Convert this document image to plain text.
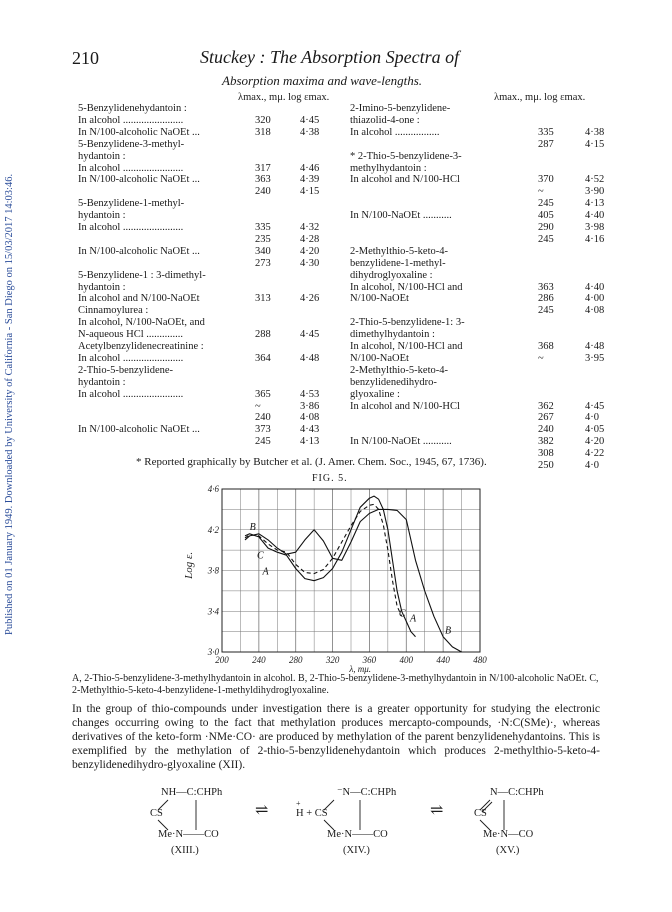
Published on 01 January 1949. Downloaded by University of California - San Diego on 15/03/2017 14:03:46.
210	Stuckey : The Absorption Spectra of
Absorption maxima and wave-lengths.
λmax., mμ. log εmax.	λmax., mμ. log εmax.
5-Benzylidenehydantoin :
In alcohol .......................	320	4·45
In N/100-alcoholic NaOEt ...	318	4·38
5-Benzylidene-3-methyl-
hydantoin :
In alcohol .......................	317	4·46
In N/100-alcoholic NaOEt ...	363	4·39
240	4·15
5-Benzylidene-1-methyl-
hydantoin :
In alcohol .......................	335	4·32
235	4·28
In N/100-alcoholic NaOEt ...	340	4·20
273	4·30
5-Benzylidene-1 : 3-dimethyl-
hydantoin :
In alcohol and N/100-NaOEt	313	4·26
Cinnamoylurea :
In alcohol, N/100-NaOEt, and
N-aqueous HCl ..............	288	4·45
Acetylbenzylidenecreatinine :
In alcohol .......................	364	4·48
2-Thio-5-benzylidene-
hydantoin :
In alcohol .......................	365	4·53
~	3·86
240	4·08
In N/100-alcoholic NaOEt ...	373	4·43
245	4·13
2-Imino-5-benzylidene-
thiazolid-4-one :
In alcohol .................	335	4·38
287	4·15
* 2-Thio-5-benzylidene-3-
methylhydantoin :
In alcohol and N/100-HCl	370	4·52
~	3·90
245	4·13
In N/100-NaOEt ...........	405	4·40
290	3·98
245	4·16
2-Methylthio-5-keto-4-
benzylidene-1-methyl-
dihydroglyoxaline :
In alcohol, N/100-HCl and	363	4·40
N/100-NaOEt	286	4·00
245	4·08
2-Thio-5-benzylidene-1: 3-
dimethylhydantoin :
In alcohol, N/100-HCl and	368	4·48
N/100-NaOEt	~	3·95
2-Methylthio-5-keto-4-
benzylidenedihydro-
glyoxaline :
In alcohol and N/100-HCl	362	4·45
267	4·0
240	4·05
In N/100-NaOEt ...........	382	4·20
308	4·22
250	4·0
* Reported graphically by Butcher et al. (J. Amer. Chem. Soc., 1945, 67, 1736).
FIG. 5.
200	240	280	320	360	400	440	480
3·0
3·4
3·8
4·2
4·6
λ, mμ.
Log ε.	A
A
B
B
C
C
A, 2-Thio-5-benzylidene-3-methylhydantoin in alcohol. B, 2-Thio-5-benzylidene-3-methylhydantoin in N/100-alcoholic NaOEt. C, 2-Methylthio-5-keto-4-benzylidene-1-methyldihydroglyoxaline.
In the group of thio-compounds under investigation there is a greater opportunity for studying the electronic changes occurring owing to the fact that methylation produces mercapto-compounds, ·N:C(SMe)·, whereas derivatives of the keto-form ·NMe·CO· are produced by methylation of the parent benzylidenehydantoins. This is exemplified by the methylation of 2-thio-5-benzylidenehydantoin which produces 2-methylthio-5-keto-4-benzylidenedihydro-glyoxaline (XII).
NH—C:CHPh
CS
Me·N——CO
(XIII.)
⇌
⁻N—C:CHPh
H + CS
+
Me·N——CO
(XIV.)
⇌
N—C:CHPh
CS
Me·N—CO
(XV.)
